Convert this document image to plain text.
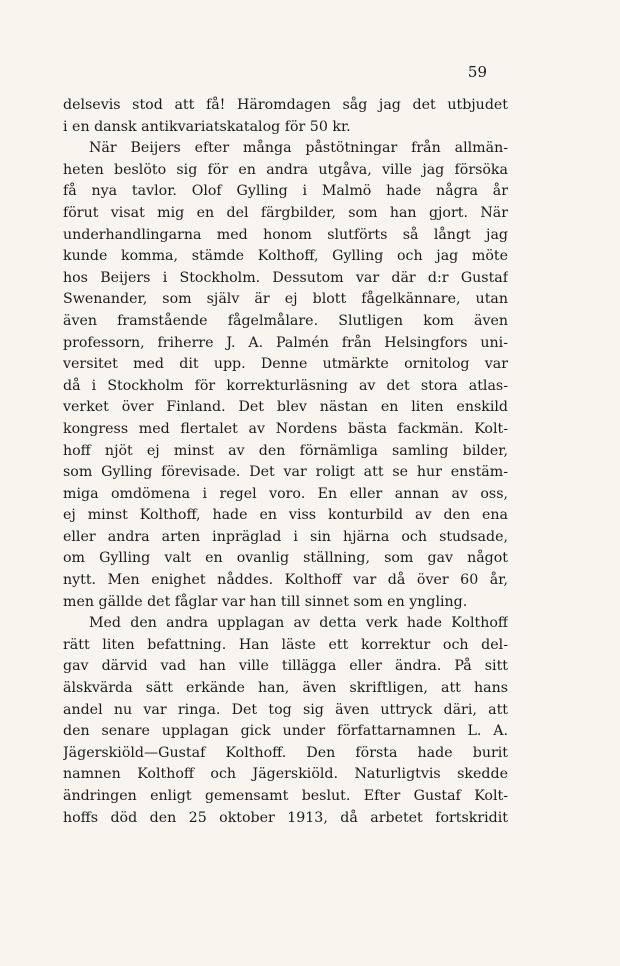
59
delsevis stod att få! Häromdagen såg jag det utbjudet
i en dansk antikvariatskatalog för 50 kr.
När Beijers efter många påstötningar från allmän-
heten beslöto sig för en andra utgåva, ville jag försöka
få nya tavlor. Olof Gylling i Malmö hade några år
förut visat mig en del färgbilder, som han gjort. När
underhandlingarna med honom slutförts så långt jag
kunde komma, stämde Kolthoff, Gylling och jag möte
hos Beijers i Stockholm. Dessutom var där d:r Gustaf
Swenander, som själv är ej blott fågelkännare, utan
även framstående fågelmålare. Slutligen kom även
professorn, friherre J. A. Palmén från Helsingfors uni-
versitet med dit upp. Denne utmärkte ornitolog var
då i Stockholm för korrekturläsning av det stora atlas-
verket över Finland. Det blev nästan en liten enskild
kongress med flertalet av Nordens bästa fackmän. Kolt-
hoff njöt ej minst av den förnämliga samling bilder,
som Gylling förevisade. Det var roligt att se hur enstäm-
miga omdömena i regel voro. En eller annan av oss,
ej minst Kolthoff, hade en viss konturbild av den ena
eller andra arten inpräglad i sin hjärna och studsade,
om Gylling valt en ovanlig ställning, som gav något
nytt. Men enighet nåddes. Kolthoff var då över 60 år,
men gällde det fåglar var han till sinnet som en yngling.
Med den andra upplagan av detta verk hade Kolthoff
rätt liten befattning. Han läste ett korrektur och del-
gav därvid vad han ville tillägga eller ändra. På sitt
älskvärda sätt erkände han, även skriftligen, att hans
andel nu var ringa. Det tog sig även uttryck däri, att
den senare upplagan gick under författarnamnen L. A.
Jägerskiöld—Gustaf Kolthoff. Den första hade burit
namnen Kolthoff och Jägerskiöld. Naturligtvis skedde
ändringen enligt gemensamt beslut. Efter Gustaf Kolt-
hoffs död den 25 oktober 1913, då arbetet fortskridit
